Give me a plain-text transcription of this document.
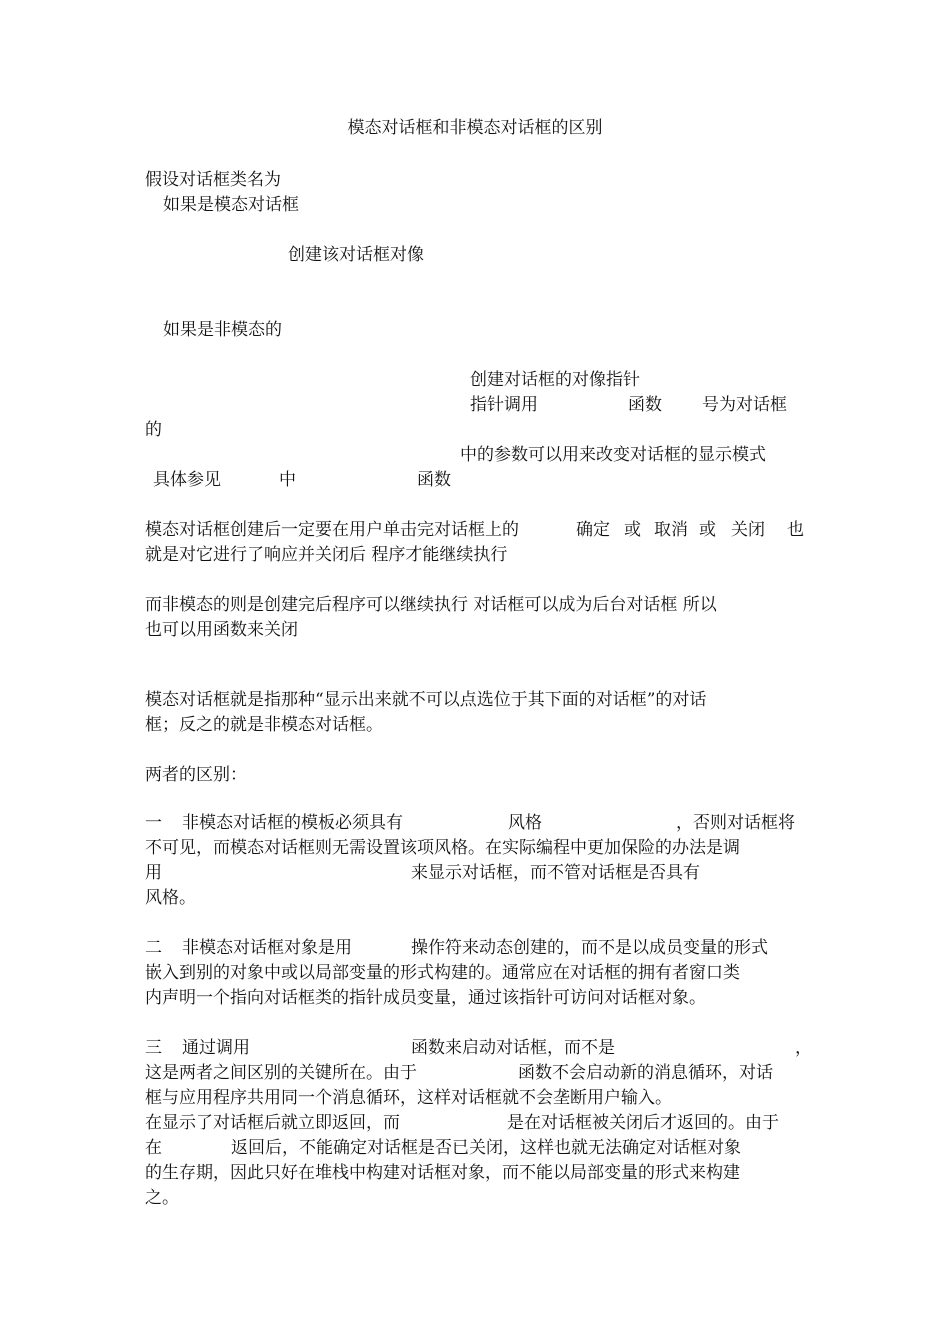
模态对话框和非模态对话框的区别

假设对话框类名为

如果是模态对话框

创建该对话框对像

如果是非模态的

创建对话框的对像指针

指针调用	函数 号为对话框

的

中的参数可以用来改变对话框的显示模式

具体参见	中	函数

模态对话框创建后一定要在用户单击完对话框上的	确定 或 取消 或 关闭 也

就是对它进行了响应并关闭后 程序才能继续执行

而非模态的则是创建完后程序可以继续执行 对话框可以成为后台对话框 所以

也可以用函数来关闭

模态对话框就是指那种“显示出来就不可以点选位于其下面的对话框”的对话

框；反之的就是非模态对话框。

两者的区别：

一 非模态对话框的模板必须具有	风格	，否则对话框将

不可见，而模态对话框则无需设置该项风格。在实际编程中更加保险的办法是调

用	来显示对话框，而不管对话框是否具有

风格。

二 非模态对话框对象是用	操作符来动态创建的，而不是以成员变量的形式

嵌入到别的对象中或以局部变量的形式构建的。通常应在对话框的拥有者窗口类

内声明一个指向对话框类的指针成员变量，通过该指针可访问对话框对象。

三 通过调用	函数来启动对话框，而不是	，

这是两者之间区别的关键所在。由于	函数不会启动新的消息循环，对话

框与应用程序共用同一个消息循环，这样对话框就不会垄断用户输入。

在显示了对话框后就立即返回，而	是在对话框被关闭后才返回的。由于

在	返回后，不能确定对话框是否已关闭，这样也就无法确定对话框对象

的生存期，因此只好在堆栈中构建对话框对象，而不能以局部变量的形式来构建

之。
